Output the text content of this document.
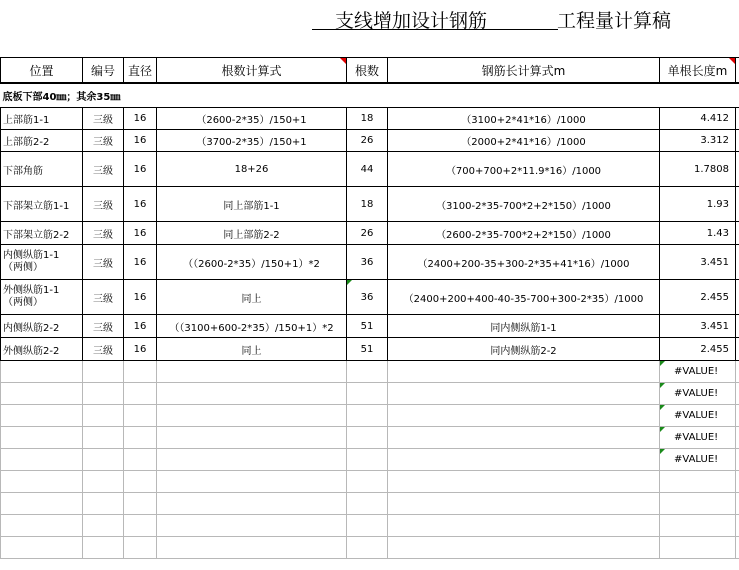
支线增加设计钢筋	工程量计算稿
位置	编号	直径	根数计算式	根数	钢筋长计算式m	单根长度m	
底板下部40㎜；其余35㎜							
上部筋1-1	三级	16	（2600-2*35）/150+1	18	（3100+2*41*16）/1000	4.412	
上部筋2-2	三级	16	（3700-2*35）/150+1	26	（2000+2*41*16）/1000	3.312	
下部角筋	三级	16	18+26	44	（700+700+2*11.9*16）/1000	1.7808	
下部架立筋1-1	三级	16	同上部筋1-1	18	（3100-2*35-700*2+2*150）/1000	1.93	
下部架立筋2-2	三级	16	同上部筋2-2	26	（2600-2*35-700*2+2*150）/1000	1.43	
内侧纵筋1-1
（两侧）	三级	16	（（2600-2*35）/150+1）*2	36	（2400+200-35+300-2*35+41*16）/1000	3.451	
外侧纵筋1-1
（两侧）	三级	16	同上	36	（2400+200+400-40-35-700+300-2*35）/1000	2.455	
内侧纵筋2-2	三级	16	（（3100+600-2*35）/150+1）*2	51	同内侧纵筋1-1	3.451	
外侧纵筋2-2	三级	16	同上	51	同内侧纵筋2-2	2.455	
						#VALUE!	
						#VALUE!	
						#VALUE!	
						#VALUE!	
						#VALUE!	
